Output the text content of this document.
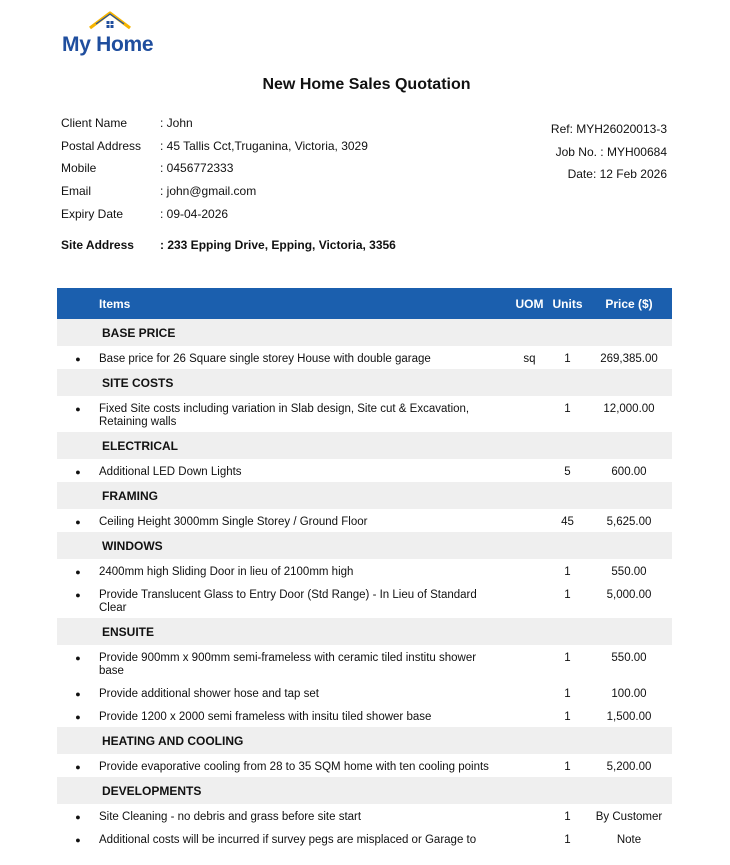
My Home
New Home Sales Quotation
Client Name	: John
Postal Address	: 45 Tallis Cct,Truganina, Victoria, 3029
Mobile	: 0456772333
Email	: john@gmail.com
Expiry Date	: 09-04-2026
Ref: MYH26020013-3
Job No. : MYH00684
Date: 12 Feb 2026
Site Address	: 233 Epping Drive, Epping, Victoria, 3356
	Items	UOM	Units	Price ($)
BASE PRICE				
●	Base price for 26 Square single storey House with double garage	sq	1	269,385.00
SITE COSTS				
●	Fixed Site costs including variation in Slab design, Site cut & Excavation, Retaining walls		1	12,000.00
ELECTRICAL				
●	Additional LED Down Lights		5	600.00
FRAMING				
●	Ceiling Height 3000mm Single Storey / Ground Floor		45	5,625.00
WINDOWS				
●	2400mm high Sliding Door in lieu of 2100mm high		1	550.00
●	Provide Translucent Glass to Entry Door (Std Range) - In Lieu of Standard Clear		1	5,000.00
ENSUITE				
●	Provide 900mm x 900mm semi-frameless with ceramic tiled institu shower base		1	550.00
●	Provide additional shower hose and tap set		1	100.00
●	Provide 1200 x 2000 semi frameless with insitu tiled shower base		1	1,500.00
HEATING AND COOLING				
●	Provide evaporative cooling from 28 to 35 SQM home with ten cooling points		1	5,200.00
DEVELOPMENTS				
●	Site Cleaning - no debris and grass before site start		1	By Customer
●	Additional costs will be incurred if survey pegs are misplaced or Garage to		1	Note
